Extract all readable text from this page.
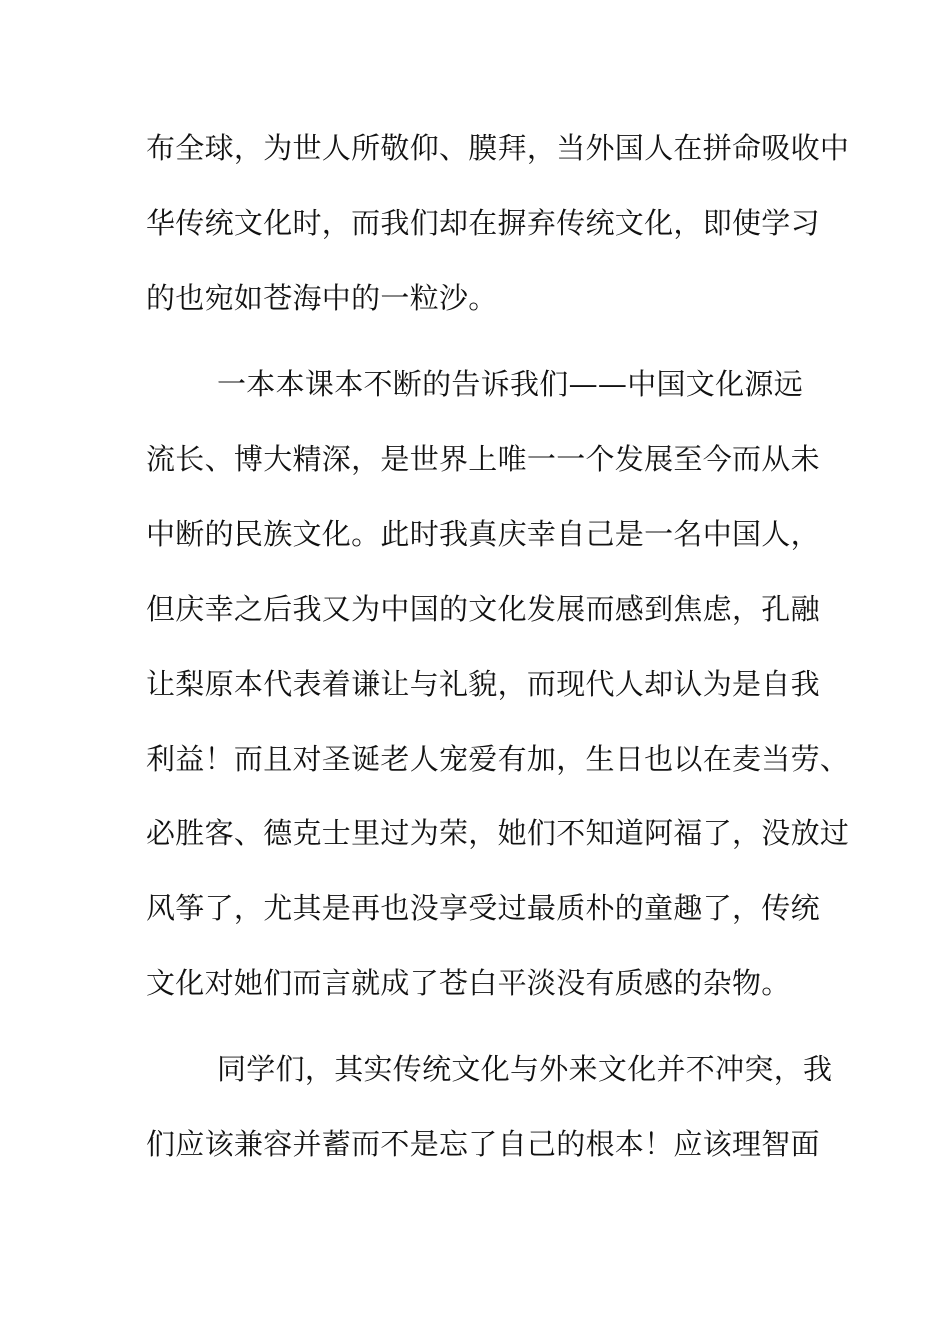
布全球，为世人所敬仰、膜拜，当外国人在拼命吸收中
华传统文化时，而我们却在摒弃传统文化，即使学习
的也宛如苍海中的一粒沙。
一本本课本不断的告诉我们——中国文化源远
流长、博大精深，是世界上唯一一个发展至今而从未
中断的民族文化。此时我真庆幸自己是一名中国人，
但庆幸之后我又为中国的文化发展而感到焦虑，孔融
让梨原本代表着谦让与礼貌，而现代人却认为是自我
利益！而且对圣诞老人宠爱有加，生日也以在麦当劳、
必胜客、德克士里过为荣，她们不知道阿福了，没放过
风筝了，尤其是再也没享受过最质朴的童趣了，传统
文化对她们而言就成了苍白平淡没有质感的杂物。
同学们，其实传统文化与外来文化并不冲突，我
们应该兼容并蓄而不是忘了自己的根本！应该理智面
